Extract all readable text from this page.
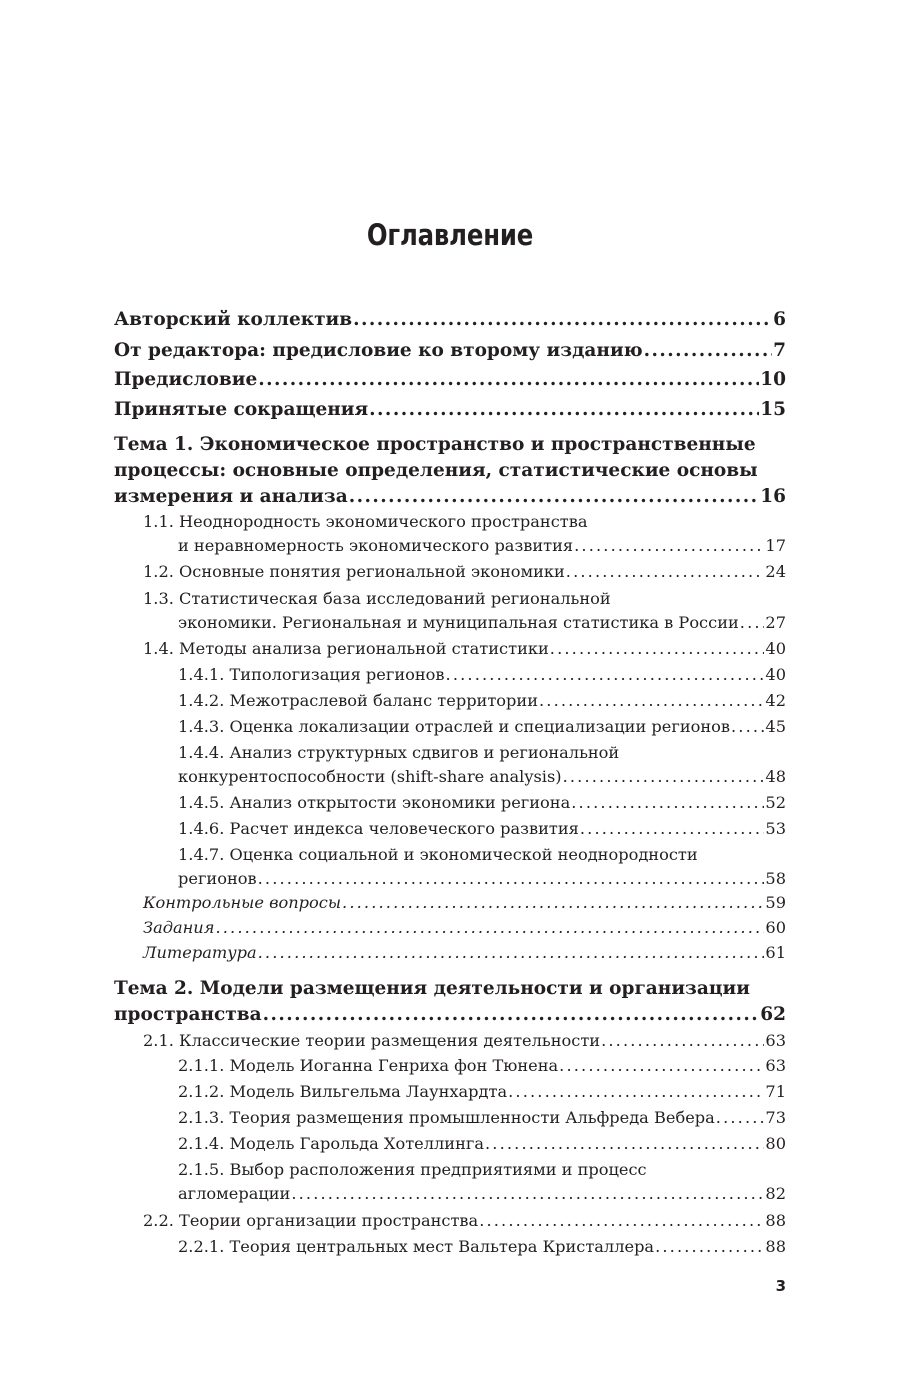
Оглавление
Авторский коллектив . . .	6
От редактора: предисловие ко второму изданию . . .	7
Предисловие . . .	10
Принятые сокращения . . .	15
Тема 1. Экономическое пространство и пространственные
процессы: основные определения, статистические основы
измерения и анализа . . .	16
1.1. Неоднородность экономического пространства
и неравномерность экономического развития . . .	17
1.2. Основные понятия региональной экономики . . .	24
1.3. Статистическая база исследований региональной
экономики. Региональная и муниципальная статистика в России . . . 27
1.4. Методы анализа региональной статистики . . .	40
1.4.1. Типологизация регионов . . .	40
1.4.2. Межотраслевой баланс территории . . .	42
1.4.3. Оценка локализации отраслей и специализации регионов . . . 45
1.4.4. Анализ структурных сдвигов и региональной
конкурентоспособности (shift-share analysis) . . .	48
1.4.5. Анализ открытости экономики региона . . .	52
1.4.6. Расчет индекса человеческого развития . . .	53
1.4.7. Оценка социальной и экономической неоднородности
регионов . . .	58
Контрольные вопросы . . .	59
Задания . . .	60
Литература . . .	61
Тема 2. Модели размещения деятельности и организации
пространства . . .	62
2.1. Классические теории размещения деятельности . . .	63
2.1.1. Модель Иоганна Генриха фон Тюнена . . .	63
2.1.2. Модель Вильгельма Лаунхардта . . .	71
2.1.3. Теория размещения промышленности Альфреда Вебера . . .	73
2.1.4. Модель Гарольда Хотеллинга . . .	80
2.1.5. Выбор расположения предприятиями и процесс
агломерации . . .	82
2.2. Теории организации пространства . . .	88
2.2.1. Теория центральных мест Вальтера Кристаллера . . .	88
3
